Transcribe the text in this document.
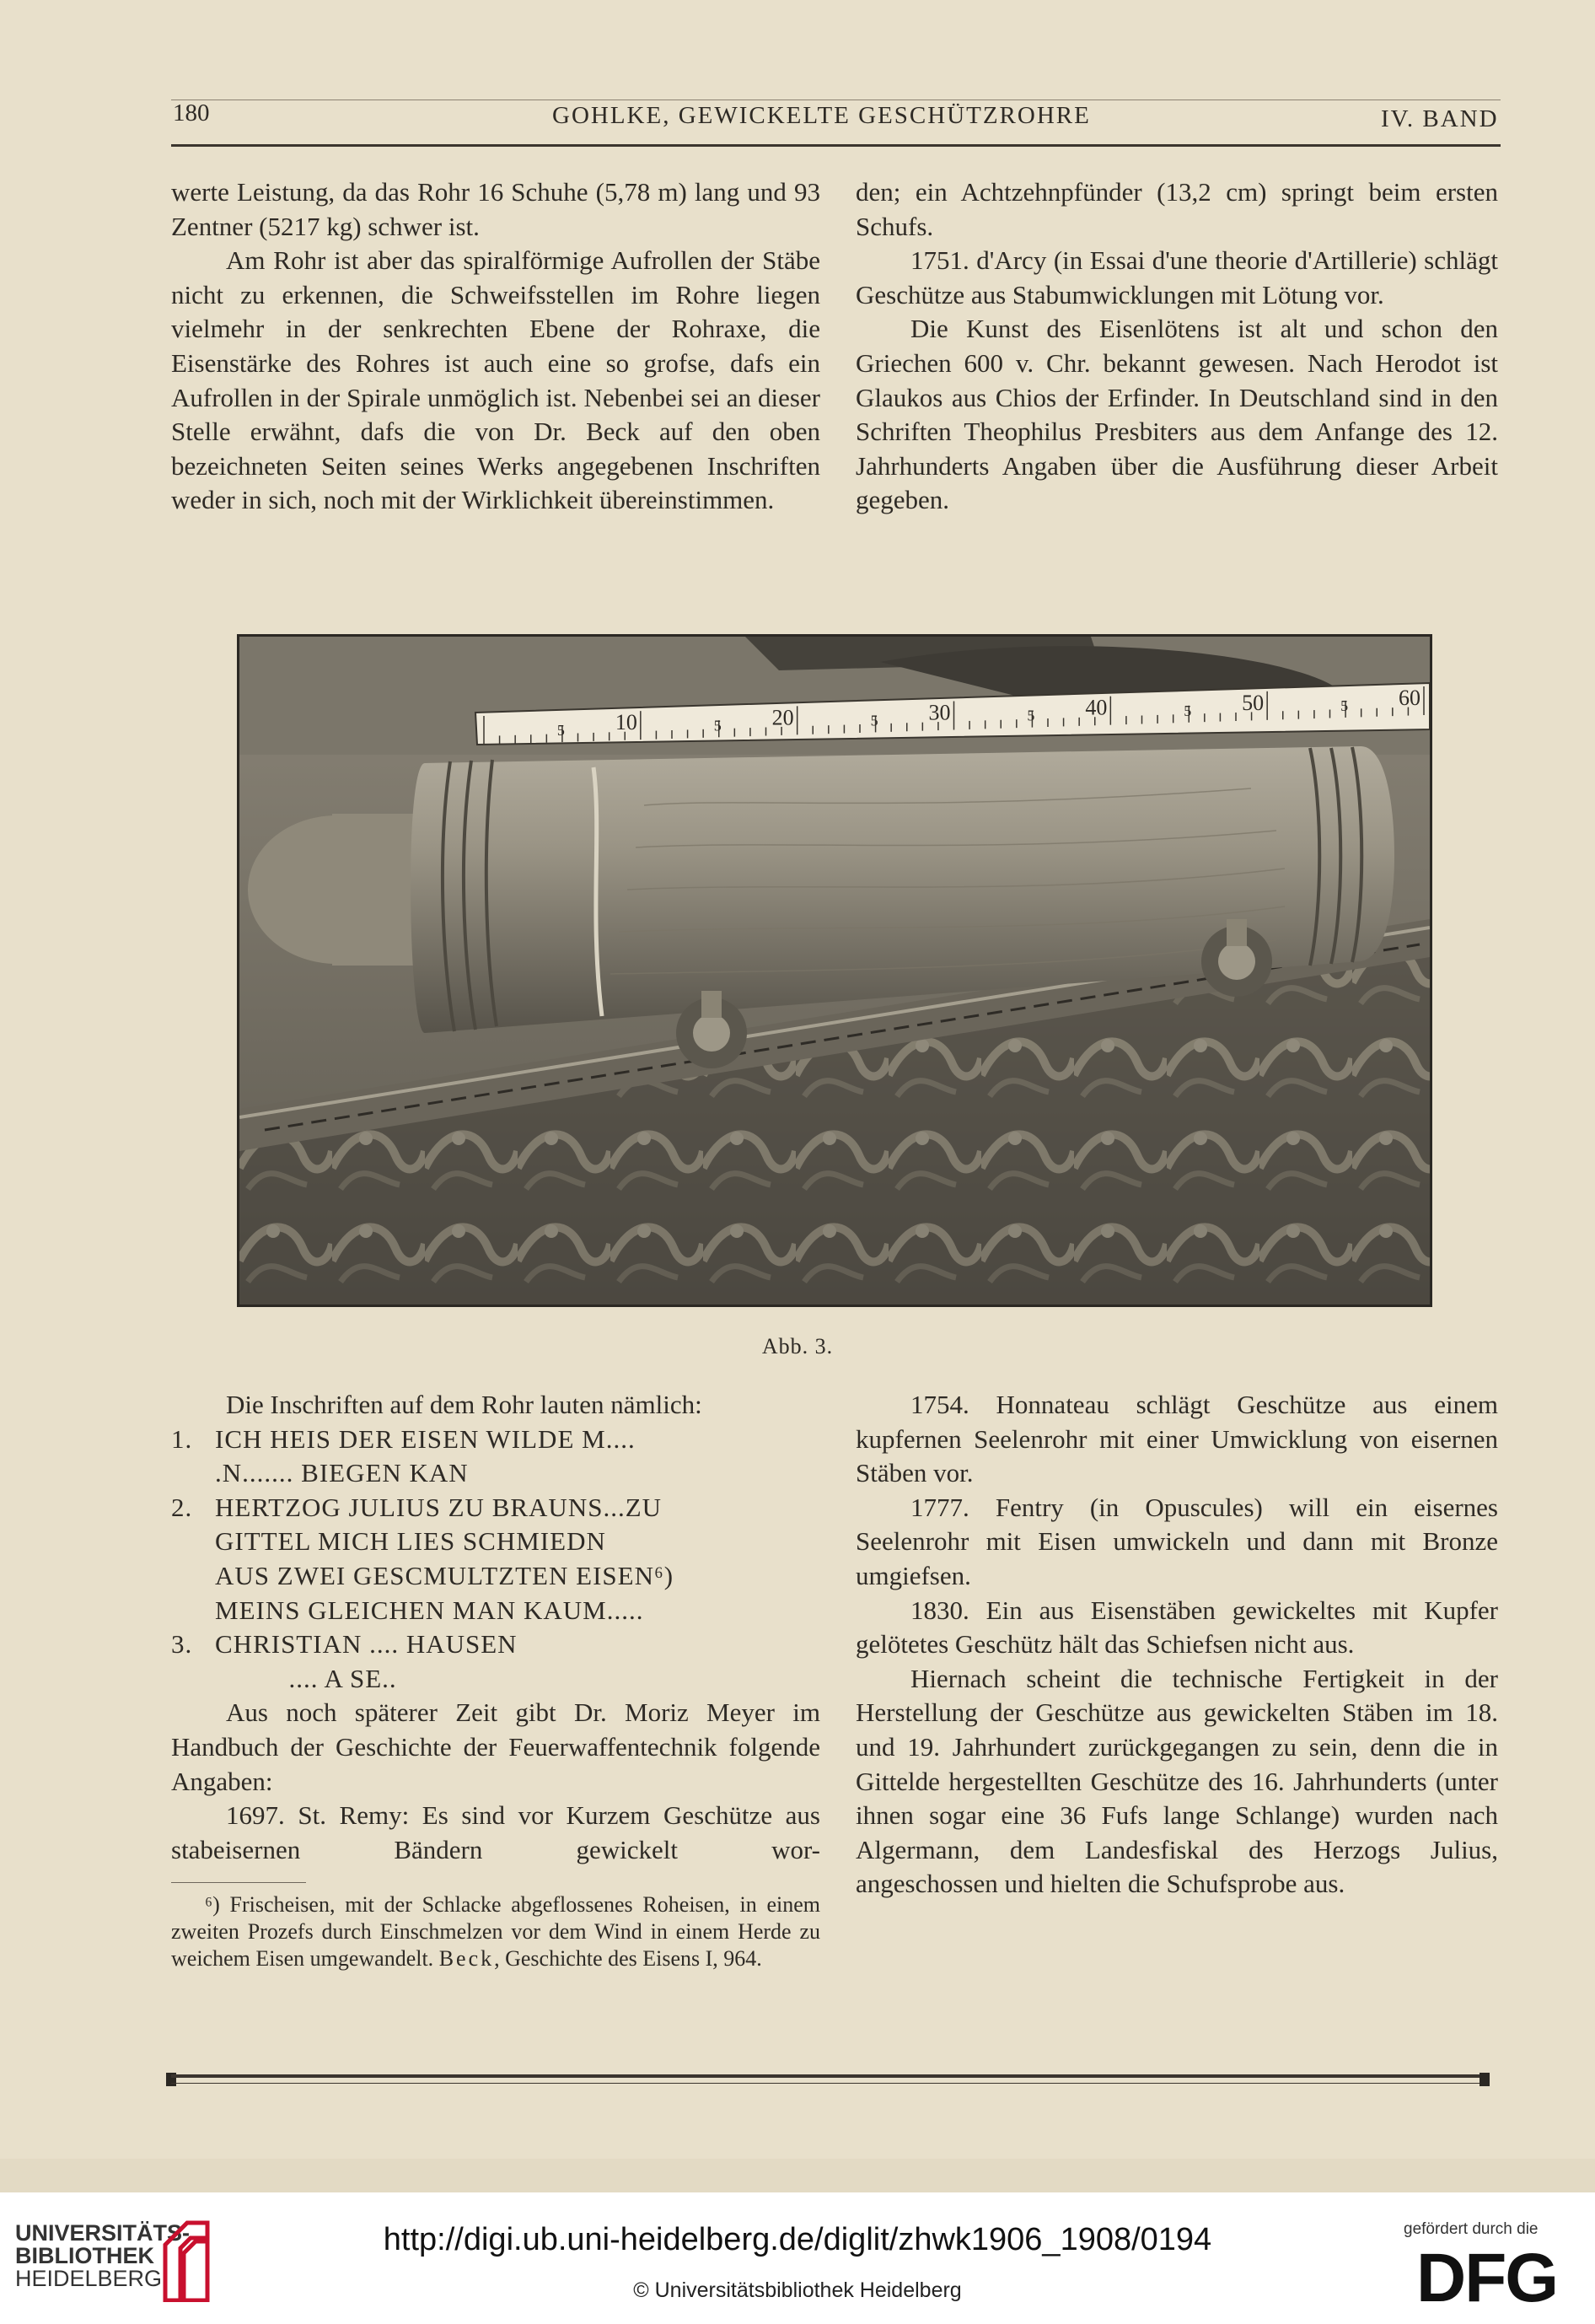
180	GOHLKE, GEWICKELTE GESCHÜTZROHRE	IV. BAND

werte Leistung, da das Rohr 16 Schuhe (5,78 m) lang und 93 Zentner (5217 kg) schwer ist.

Am Rohr ist aber das spiralförmige Aufrollen der Stäbe nicht zu erkennen, die Schweifsstellen im Rohre liegen vielmehr in der senkrechten Ebene der Rohraxe, die Eisenstärke des Rohres ist auch eine so grofse, dafs ein Aufrollen in der Spirale unmöglich ist. Nebenbei sei an dieser Stelle erwähnt, dafs die von Dr. Beck auf den oben bezeichneten Seiten seines Werks angegebenen Inschriften weder in sich, noch mit der Wirklichkeit übereinstimmen.

den; ein Achtzehnpfünder (13,2 cm) springt beim ersten Schufs.

1751. d'Arcy (in Essai d'une theorie d'Artillerie) schlägt Geschütze aus Stabumwicklungen mit Lötung vor.

Die Kunst des Eisenlötens ist alt und schon den Griechen 600 v. Chr. bekannt gewesen. Nach Herodot ist Glaukos aus Chios der Erfinder. In Deutschland sind in den Schriften Theophilus Presbiters aus dem Anfange des 12. Jahrhunderts Angaben über die Ausführung dieser Arbeit gegeben.

10
5
20
5
30
5
40
5
50
5
60
5
Abb. 3.

Die Inschriften auf dem Rohr lauten nämlich:

1. ICH HEIS DER EISEN WILDE M....
.N....... BIEGEN KAN
2. HERTZOG JULIUS ZU BRAUNS...ZU
GITTEL MICH LIES SCHMIEDN
AUS ZWEI GESCMULTZTEN EISEN⁶)
MEINS GLEICHEN MAN KAUM.....
3. CHRISTIAN .... HAUSEN
.... A SE..

Aus noch späterer Zeit gibt Dr. Moriz Meyer im Handbuch der Geschichte der Feuerwaffentechnik folgende Angaben:

1697. St. Remy: Es sind vor Kurzem Geschütze aus stabeisernen Bändern gewickelt wor-

⁶) Frischeisen, mit der Schlacke abgeflossenes Roheisen, in einem zweiten Prozefs durch Einschmelzen vor dem Wind in einem Herde zu weichem Eisen umgewandelt. Beck, Geschichte des Eisens I, 964.

1754. Honnateau schlägt Geschütze aus einem kupfernen Seelenrohr mit einer Umwicklung von eisernen Stäben vor.

1777. Fentry (in Opuscules) will ein eisernes Seelenrohr mit Eisen umwickeln und dann mit Bronze umgiefsen.

1830. Ein aus Eisenstäben gewickeltes mit Kupfer gelötetes Geschütz hält das Schiefsen nicht aus.

Hiernach scheint die technische Fertigkeit in der Herstellung der Geschütze aus gewickelten Stäben im 18. und 19. Jahrhundert zurückgegangen zu sein, denn die in Gittelde hergestellten Geschütze des 16. Jahrhunderts (unter ihnen sogar eine 36 Fufs lange Schlange) wurden nach Algermann, dem Landesfiskal des Herzogs Julius, angeschossen und hielten die Schufsprobe aus.

UNIVERSITÄTS-
BIBLIOTHEK
HEIDELBERG
http://digi.ub.uni-heidelberg.de/diglit/zhwk1906_1908/0194
© Universitätsbibliothek Heidelberg
gefördert durch die
DFG
